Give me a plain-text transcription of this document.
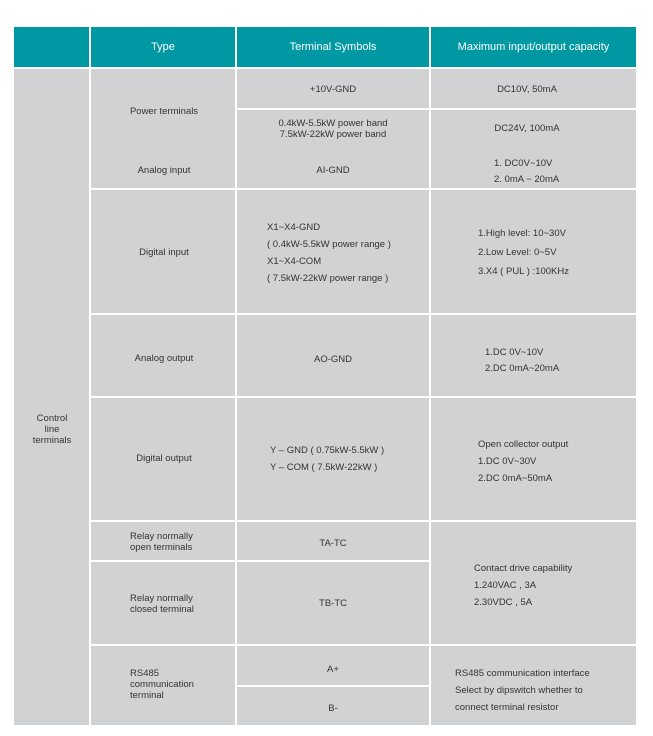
Type	Terminal Symbols	Maximum input/output capacity
Control
line
terminals
Power terminals
Analog input
Digital input
Analog output
Digital output
Relay normally
open terminals
Relay normally
closed terminal
RS485
communication
terminal
+10V-GND
0.4kW-5.5kW power band
7.5kW-22kW power band
AI-GND
X1~X4-GND
( 0.4kW-5.5kW power range )
X1~X4-COM
( 7.5kW-22kW power range )
AO-GND
Y – GND ( 0.75kW-5.5kW )
Y – COM ( 7.5kW-22kW )
TA-TC
TB-TC
A+
B-
DC10V, 50mA
DC24V, 100mA
1. DC0V~10V
2. 0mA ~ 20mA
1.High level: 10~30V
2.Low Level: 0~5V
3.X4 ( PUL ) :100KHz
1.DC 0V~10V
2.DC 0mA~20mA
Open collector output
1.DC 0V~30V
2.DC 0mA~50mA
Contact drive capability
1.240VAC , 3A
2.30VDC , 5A
RS485 communication interface
Select by dipswitch whether to
connect terminal resistor
